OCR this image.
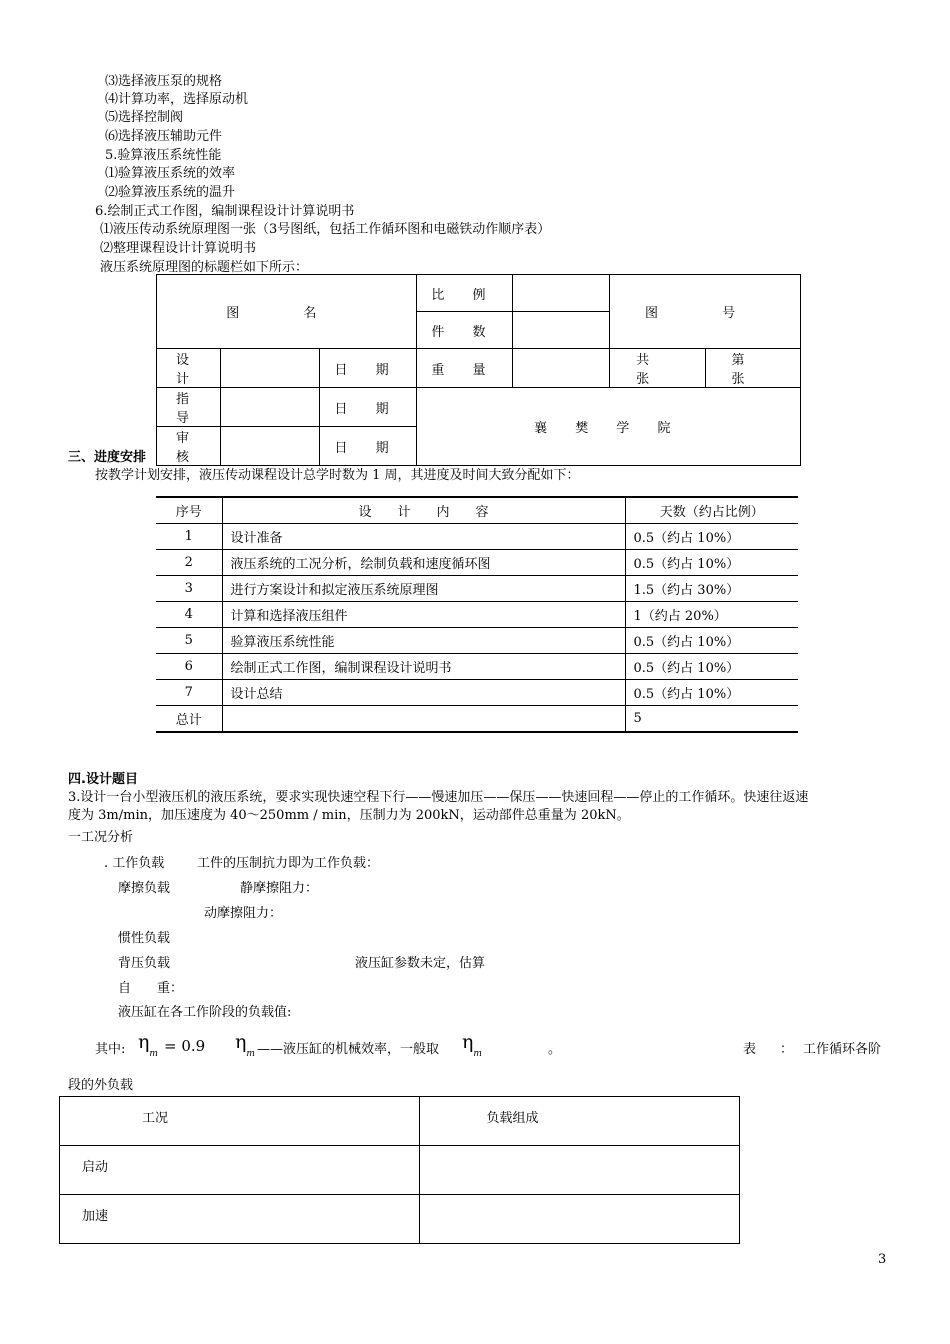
⑶选择液压泵的规格
⑷计算功率，选择原动机
⑸选择控制阀
⑹选择液压辅助元件
5.验算液压系统性能
⑴验算液压系统的效率
⑵验算液压系统的温升
6.绘制正式工作图，编制课程设计计算说明书
⑴液压传动系统原理图一张（3号图纸，包括工作循环图和电磁铁动作顺序表）
⑵整理课程设计计算说明书
液压系统原理图的标题栏如下所示：
图 名			比 例		图 号	
			件 数			
设 计		日 期	重 量		共 张	第 张
指 导		日 期	襄 樊 学 院			
审 核		日 期				
三、进度安排
按教学计划安排，液压传动课程设计总学时数为 1 周，其进度及时间大致分配如下：
序号	设　　计　　内　　容	天数（约占比例）
1	设计准备	0.5（约占 10%）
2	液压系统的工况分析，绘制负载和速度循环图	0.5（约占 10%）
3	进行方案设计和拟定液压系统原理图	1.5（约占 30%）
4	计算和选择液压组件	1（约占 20%）
5	验算液压系统性能	0.5（约占 10%）
6	绘制正式工作图，编制课程设计说明书	0.5（约占 10%）
7	设计总结	0.5（约占 10%）
总计		5
四.设计题目
3.设计一台小型液压机的液压系统，要求实现快速空程下行——慢速加压——保压——快速回程——停止的工作循环。快速往返速
度为 3m/min，加压速度为 40～250mm / min，压制力为 200kN，运动部件总重量为 20kN。
一工况分析
. 工作负载	工件的压制抗力即为工作负载：
摩擦负载	静摩擦阻力：
动摩擦阻力：
惯性负载
背压负载	液压缸参数未定，估算
自　　重：
液压缸在各工作阶段的负载值:
其中: $\eta_m = 0.9$ $\eta_m$ ——液压缸的机械效率，一般取 $\eta_m$	。	表 ： 工作循环各阶
段的外负载
工况	负载组成
启动	
加速	
3
